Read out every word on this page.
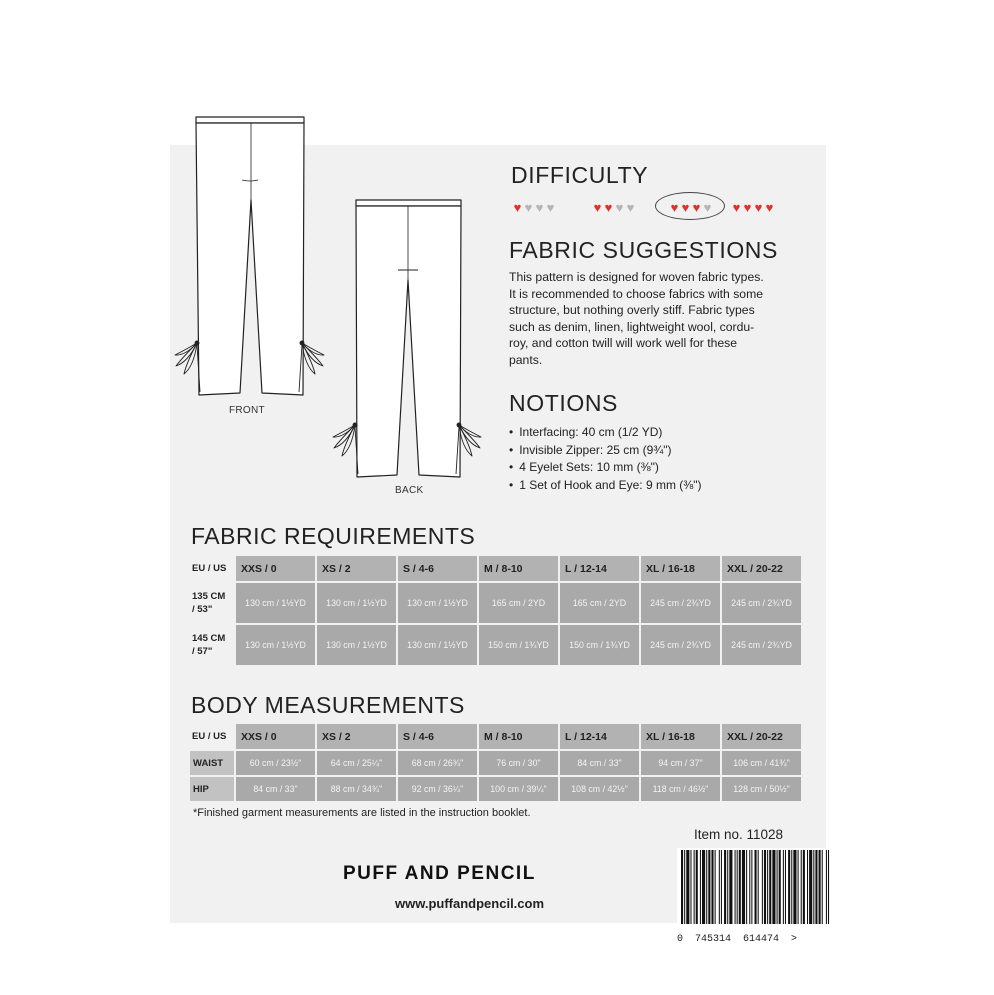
FRONT
BACK
DIFFICULTY
♥ ♥ ♥ ♥	♥ ♥ ♥ ♥	♥ ♥ ♥ ♥ ♥ ♥ ♥ ♥
FABRIC SUGGESTIONS
This pattern is designed for woven fabric types.
It is recommended to choose fabrics with some
structure, but nothing overly stiff. Fabric types
such as denim, linen, lightweight wool, cordu-
roy, and cotton twill will work well for these
pants.
NOTIONS
• Interfacing: 40 cm (1/2 YD)
• Invisible Zipper: 25 cm (9¾")
• 4 Eyelet Sets: 10 mm (⅜")
• 1 Set of Hook and Eye: 9 mm (⅜")
FABRIC REQUIREMENTS
EU / US	XXS / 0	XS / 2	S / 4-6	M / 8-10	L / 12-14	XL / 16-18	XXL / 20-22

135 CM
/ 53"	130 cm / 1½YD	130 cm / 1½YD	130 cm / 1½YD	165 cm / 2YD	165 cm / 2YD	245 cm / 2¾YD	245 cm / 2¾YD

145 CM
/ 57"	130 cm / 1½YD	130 cm / 1½YD	130 cm / 1½YD	150 cm / 1¾YD	150 cm / 1¾YD	245 cm / 2¾YD	245 cm / 2¾YD
BODY MEASUREMENTS
EU / US	XXS / 0	XS / 2	S / 4-6	M / 8-10	L / 12-14	XL / 16-18	XXL / 20-22
WAIST	60 cm / 23½"	64 cm / 25¼"	68 cm / 26¾"	76 cm / 30"	84 cm / 33"	94 cm / 37"	106 cm / 41¾"
HIP	84 cm / 33"	88 cm / 34¾"	92 cm / 36¼"	100 cm / 39¼"	108 cm / 42½"	118 cm / 46½"	128 cm / 50½"
*Finished garment measurements are listed in the instruction booklet.
Item no. 11028
0  745314  614474  >
PUFF AND PENCIL
www.puffandpencil.com
